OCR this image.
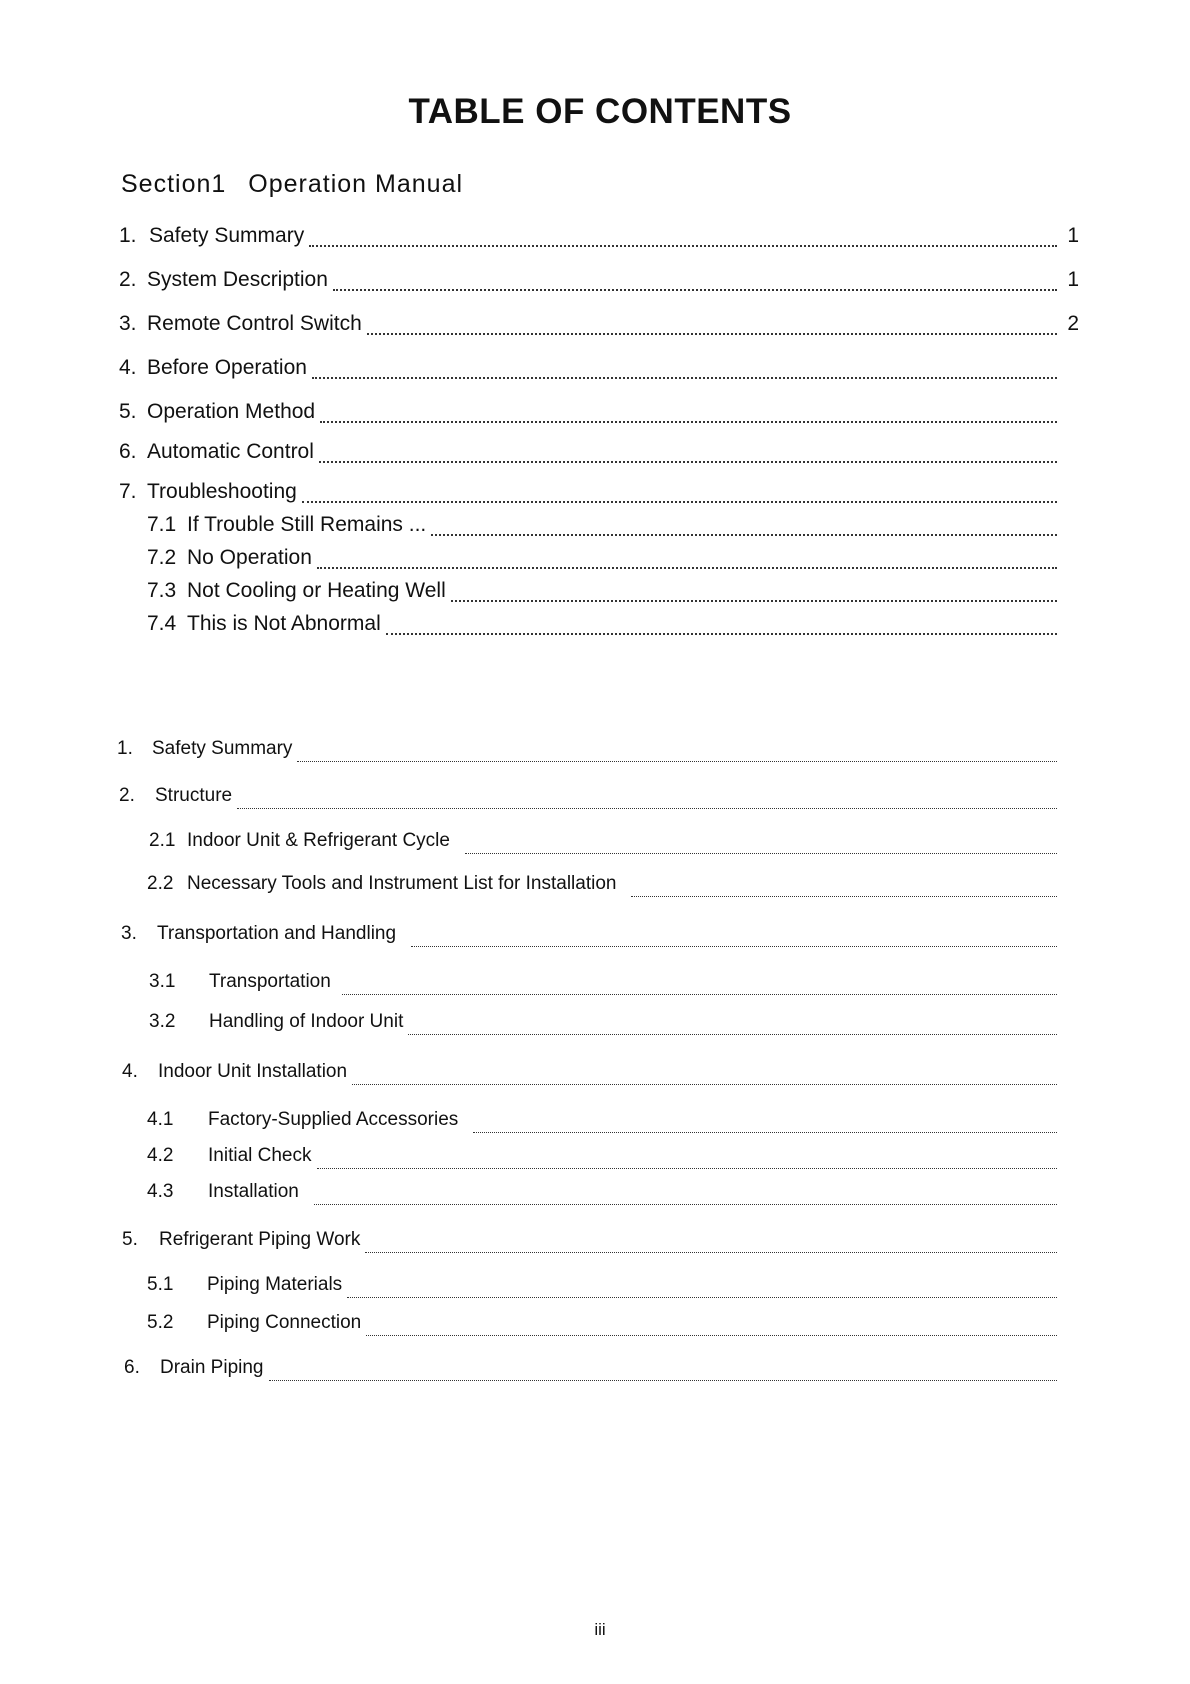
TABLE OF CONTENTS
Section1 Operation Manual
1. Safety Summary	1
2. System Description	1
3. Remote Control Switch	2
4. Before Operation
5. Operation Method
6. Automatic Control
7. Troubleshooting
7.1 If Trouble Still Remains ...
7.2 No Operation
7.3 Not Cooling or Heating Well
7.4 This is Not Abnormal
1.	Safety Summary
2.	Structure
2.1 Indoor Unit & Refrigerant Cycle
2.2 Necessary Tools and Instrument List for Installation
3.	Transportation and Handling
3.1	Transportation
3.2	Handling of Indoor Unit
4.	Indoor Unit Installation
4.1	Factory-Supplied Accessories
4.2	Initial Check
4.3	Installation
5.	Refrigerant Piping Work
5.1	Piping Materials
5.2	Piping Connection
6.	Drain Piping
iii
